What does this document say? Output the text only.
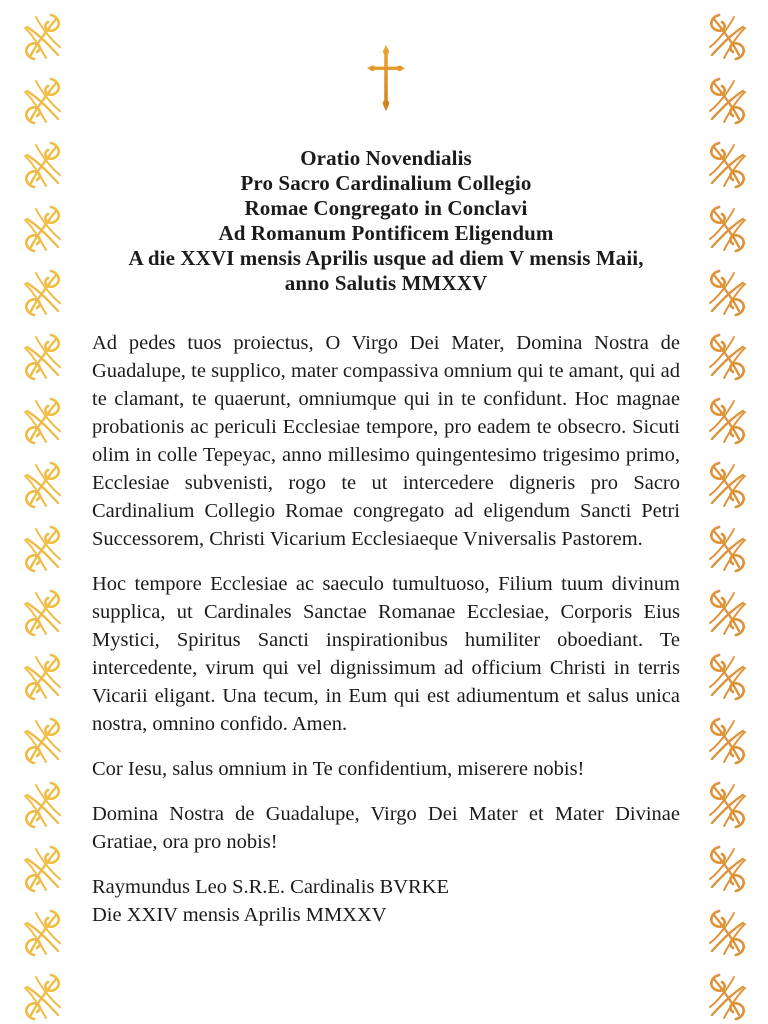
Oratio Novendialis
Pro Sacro Cardinalium Collegio
Romae Congregato in Conclavi
Ad Romanum Pontificem Eligendum
A die XXVI mensis Aprilis usque ad diem V mensis Maii,
anno Salutis MMXXV

Ad pedes tuos proiectus, O Virgo Dei Mater, Domina Nostra de Guadalupe, te supplico, mater compassiva omnium qui te amant, qui ad te clamant, te quaerunt, omniumque qui in te confidunt. Hoc magnae probationis ac periculi Ecclesiae tempore, pro eadem te obsecro. Sicuti olim in colle Tepeyac, anno millesimo quingentesimo trigesimo primo, Ecclesiae subvenisti, rogo te ut intercedere digneris pro Sacro Cardinalium Collegio Romae congregato ad eligendum Sancti Petri Successorem, Christi Vicarium Ecclesiaeque Vniversalis Pastorem.

Hoc tempore Ecclesiae ac saeculo tumultuoso, Filium tuum divinum supplica, ut Cardinales Sanctae Romanae Ecclesiae, Corporis Eius Mystici, Spiritus Sancti inspirationibus humiliter oboediant. Te intercedente, virum qui vel dignissimum ad officium Christi in terris Vicarii eligant. Una tecum, in Eum qui est adiumentum et salus unica nostra, omnino confido. Amen.

Cor Iesu, salus omnium in Te confidentium, miserere nobis!

Domina Nostra de Guadalupe, Virgo Dei Mater et Mater Divinae Gratiae, ora pro nobis!

Raymundus Leo S.R.E. Cardinalis BVRKE
Die XXIV mensis Aprilis MMXXV
